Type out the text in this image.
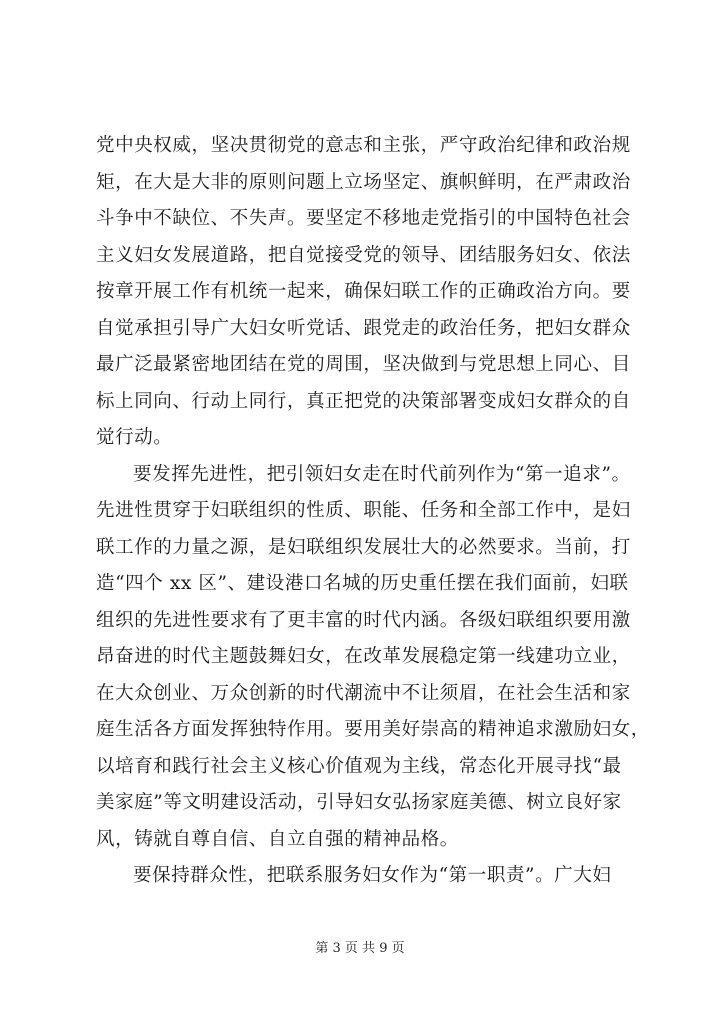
党中央权威，坚决贯彻党的意志和主张，严守政治纪律和政治规
矩，在大是大非的原则问题上立场坚定、旗帜鲜明，在严肃政治
斗争中不缺位、不失声。要坚定不移地走党指引的中国特色社会
主义妇女发展道路，把自觉接受党的领导、团结服务妇女、依法
按章开展工作有机统一起来，确保妇联工作的正确政治方向。要
自觉承担引导广大妇女听党话、跟党走的政治任务，把妇女群众
最广泛最紧密地团结在党的周围，坚决做到与党思想上同心、目
标上同向、行动上同行，真正把党的决策部署变成妇女群众的自
觉行动。
要发挥先进性，把引领妇女走在时代前列作为“第一追求”。
先进性贯穿于妇联组织的性质、职能、任务和全部工作中，是妇
联工作的力量之源，是妇联组织发展壮大的必然要求。当前，打
造“四个 xx 区”、建设港口名城的历史重任摆在我们面前，妇联
组织的先进性要求有了更丰富的时代内涵。各级妇联组织要用激
昂奋进的时代主题鼓舞妇女，在改革发展稳定第一线建功立业，
在大众创业、万众创新的时代潮流中不让须眉，在社会生活和家
庭生活各方面发挥独特作用。要用美好崇高的精神追求激励妇女，
以培育和践行社会主义核心价值观为主线，常态化开展寻找“最
美家庭”等文明建设活动，引导妇女弘扬家庭美德、树立良好家
风，铸就自尊自信、自立自强的精神品格。
要保持群众性，把联系服务妇女作为“第一职责”。广大妇
第 3 页 共 9 页
